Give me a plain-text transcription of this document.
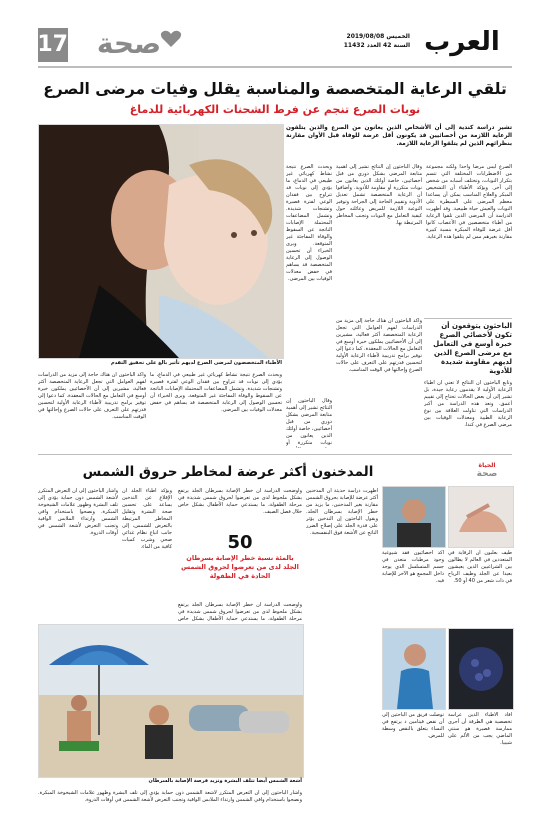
17	صحة	الخميس 2019/08/08
السنة 42 العدد 11432 العرب
تلقي الرعاية المتخصصة والمناسبة يقلل وفيات مرضى الصرع
نوبات الصرع تنجم عن فرط الشحنات الكهربائية للدماغ
تشير دراسة كندية إلى أن الأشخاص الذين يعانون من الصرع والذين يتلقون الرعاية اللازمة من أخصائيين قد يكونون أقل عرضة للوفاة قبل الأوان مقارنة بنظرائهم الذين لم يتلقوا الرعاية اللازمة.
الأطباء المتخصصون لمرضى الصرع لديهم تأثير بالغ على تحقيق التقدم
الصرع ليس مرضا واحدا ولكنه مجموعة من الاضطرابات المختلفة التي تتسم بتكرار النوبات، وتختلف أسبابه من شخص إلى آخر. ويؤكد الأطباء أن التشخيص المبكر والعلاج المناسب يمكن أن يساعدا معظم المرضى على السيطرة على النوبات والعيش حياة طبيعية. وقد أظهرت الدراسة أن المرضى الذين تلقوا الرعاية من أطباء متخصصين في الأعصاب كانوا أقل عرضة للوفاة المبكرة بنسبة كبيرة مقارنة بغيرهم ممن لم يتلقوا هذه الرعاية.
وقال الباحثون إن النتائج تشير إلى أهمية متابعة المرضى بشكل دوري من قبل أخصائيين، خاصة أولئك الذين يعانون من نوبات متكررة أو مقاومة للأدوية. وأضافوا أن الرعاية المتخصصة تشمل تعديل الأدوية وتقييم الحاجة إلى الجراحة وتوفير التوعية اللازمة للمريض وعائلته حول كيفية التعامل مع النوبات وتجنب المخاطر المرتبطة بها.
ويحدث الصرع نتيجة نشاط كهربائي غير طبيعي في الدماغ، ما يؤدي إلى نوبات قد تتراوح بين فقدان الوعي لفترة قصيرة وتشنجات شديدة. وتشمل المضاعفات المحتملة الإصابات الناتجة عن السقوط والوفاة المفاجئة غير المتوقعة. ويرى الخبراء أن تحسين الوصول إلى الرعاية المتخصصة قد يساهم في خفض معدلات الوفيات بين المرضى.
الباحثون يتوقعون أن تكون لأخصائي الصرع خبرة أوسع في التعامل مع مرضى الصرع الذين لديهم مقاومة شديدة للأدوية
وأكد الباحثون أن هناك حاجة إلى مزيد من الدراسات لفهم العوامل التي تجعل الرعاية المتخصصة أكثر فعالية، مشيرين إلى أن الأخصائيين يملكون خبرة أوسع في التعامل مع الحالات المعقدة. كما دعوا إلى توفير برامج تدريبية لأطباء الرعاية الأولية لتحسين قدرتهم على التعرف على حالات الصرع وإحالتها في الوقت المناسب.
وتابع الباحثون أن النتائج لا تعني أن أطباء الرعاية الأولية لا يقدمون رعاية جيدة، بل تشير إلى أن بعض الحالات تحتاج إلى تقييم أعمق. وتعد هذه الدراسة من أكبر الدراسات التي تناولت العلاقة بين نوع الرعاية الطبية ومعدلات الوفيات بين مرضى الصرع في كندا.
ويحدث الصرع نتيجة نشاط كهربائي غير طبيعي في الدماغ، ما يؤدي إلى نوبات قد تتراوح بين فقدان الوعي لفترة قصيرة وتشنجات شديدة. وتشمل المضاعفات المحتملة الإصابات الناتجة عن السقوط والوفاة المفاجئة غير المتوقعة. ويرى الخبراء أن تحسين الوصول إلى الرعاية المتخصصة قد يساهم في خفض معدلات الوفيات بين المرضى.
وأكد الباحثون أن هناك حاجة إلى مزيد من الدراسات لفهم العوامل التي تجعل الرعاية المتخصصة أكثر فعالية، مشيرين إلى أن الأخصائيين يملكون خبرة أوسع في التعامل مع الحالات المعقدة. كما دعوا إلى توفير برامج تدريبية لأطباء الرعاية الأولية لتحسين قدرتهم على التعرف على حالات الصرع وإحالتها في الوقت المناسب.
وقال الباحثون إن النتائج تشير إلى أهمية متابعة المرضى بشكل دوري من قبل أخصائيين، خاصة أولئك الذين يعانون من نوبات متكررة أو
المدخنون أكثر عرضة لمخاطر حروق الشمس	الحياة
صحة
طيف بعلبون أن الرقاية في المتعددين في العالم لا يطالون بين الشراغيين الذين يعيشون بعيدا عن الجلد وطيف الرياح في ذات شعر من 40 أو 50.
أكد أخصائيون فقد شيوعية وجود مرطبات متعدن في جسم المتسلسل الذي يوجد داخل المجمع هو الآخر للإصابة فيه.
أفاد الأطباء الذين عراسة تخصصية هي الطرقة أن أجرى ممارسة قصيرة هو سنتي الماضي يجب من الألم على شيبيا.
توصلت فريق من الباحثين إلى أن نقص فيتامين د يرتفع في النساء يتعلق بالنقص وسطة للمرض.
أظهرت دراسة حديثة أن المدخنين أكثر عرضة للإصابة بحروق الشمس مقارنة بغير المدخنين، ما يزيد من خطر الإصابة بسرطان الجلد. ويقول الباحثون إن التدخين يؤثر على قدرة الجلد على إصلاح الضرر الناتج عن الأشعة فوق البنفسجية.
وأشار الباحثون إلى أن التعرض المتكرر لأشعة الشمس دون حماية يؤدي إلى تلف البشرة وظهور علامات الشيخوخة المبكرة. ونصحوا باستخدام واقي الشمس وارتداء الملابس الواقية وتجنب التعرض لأشعة الشمس في أوقات الذروة.
ويؤكد أطباء الجلد أن الإقلاع عن التدخين يساعد على تحسين صحة البشرة وتقليل المخاطر المرتبطة بالتعرض للشمس، إلى جانب اتباع نظام غذائي صحي وشرب كميات كافية من الماء.
وأوضحت الدراسة أن خطر الإصابة بسرطان الجلد يرتفع بشكل ملحوظ لدى من تعرضوا لحروق شمس شديدة في مرحلة الطفولة، ما يستدعي حماية الأطفال بشكل خاص خلال فصل الصيف.
50
بالمئة نسبة خطر الإصابة بسرطان الجلد لدى من تعرضوا لحروق الشمس الحادة في الطفولة
وأوضحت الدراسة أن خطر الإصابة بسرطان الجلد يرتفع بشكل ملحوظ لدى من تعرضوا لحروق شمس شديدة في مرحلة الطفولة، ما يستدعي حماية الأطفال بشكل خاص
أشعة الشمس أيضا تتلف البشرة وتزيد فرصة الإصابة بالسرطان
وأشار الباحثون إلى أن التعرض المتكرر لأشعة الشمس دون حماية يؤدي إلى تلف البشرة وظهور علامات الشيخوخة المبكرة. ونصحوا باستخدام واقي الشمس وارتداء الملابس الواقية وتجنب التعرض لأشعة الشمس في أوقات الذروة.
